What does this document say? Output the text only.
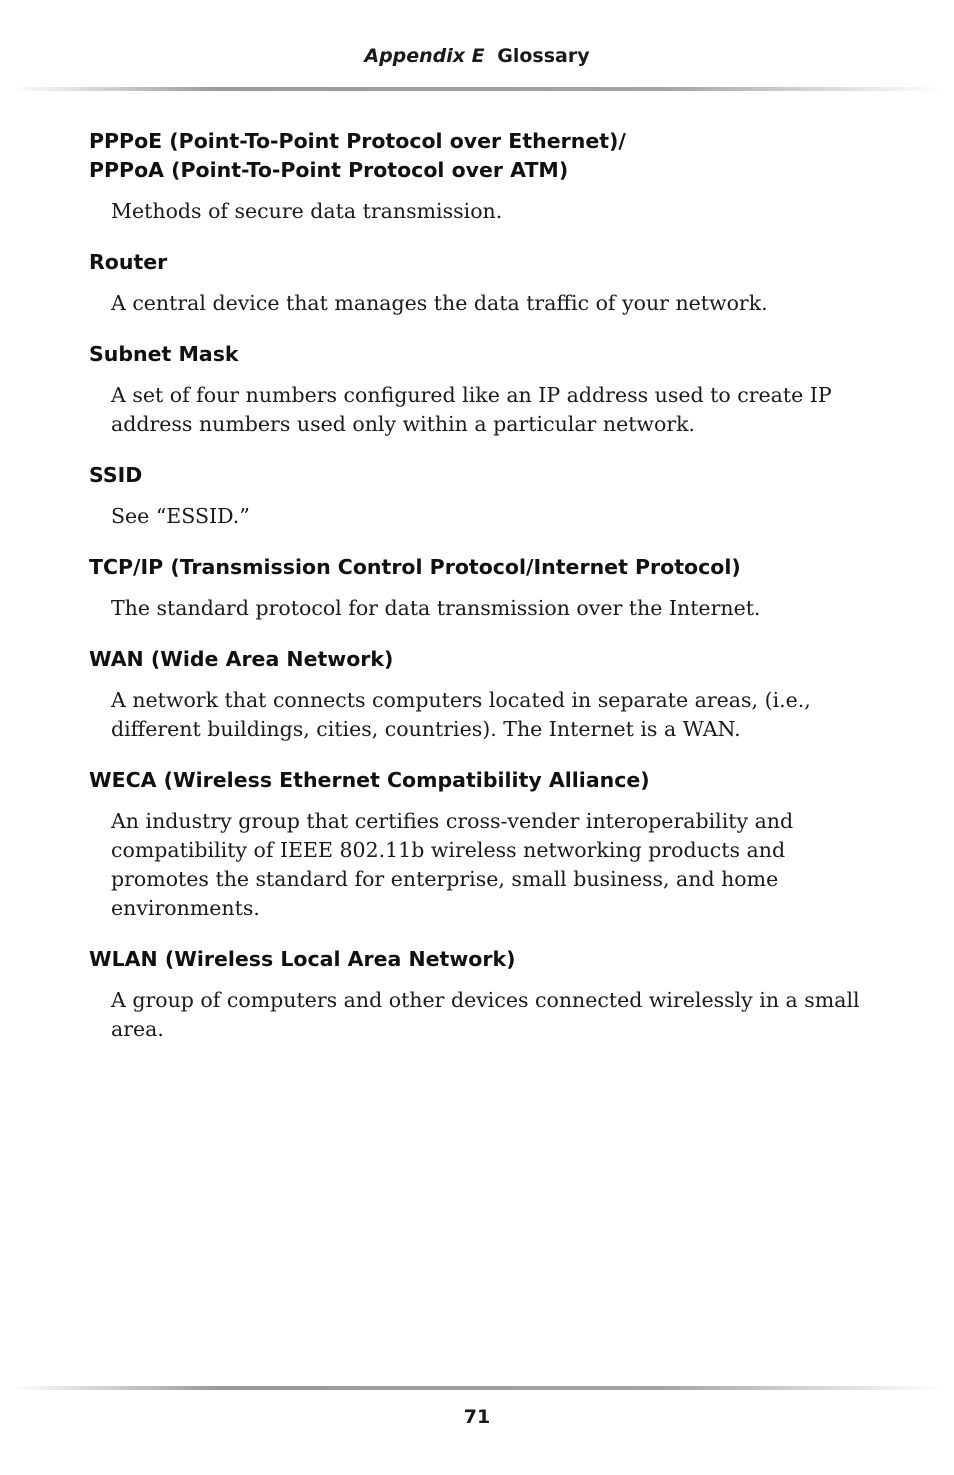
Appendix E Glossary

PPPoE (Point-To-Point Protocol over Ethernet)/
PPPoA (Point-To-Point Protocol over ATM)

Methods of secure data transmission.

Router

A central device that manages the data traffic of your network.

Subnet Mask

A set of four numbers configured like an IP address used to create IP address numbers used only within a particular network.

SSID

See “ESSID.”

TCP/IP (Transmission Control Protocol/Internet Protocol)

The standard protocol for data transmission over the Internet.

WAN (Wide Area Network)

A network that connects computers located in separate areas, (i.e., different buildings, cities, countries). The Internet is a WAN.

WECA (Wireless Ethernet Compatibility Alliance)

An industry group that certifies cross-vender interoperability and compatibility of IEEE 802.11b wireless networking products and promotes the standard for enterprise, small business, and home environments.

WLAN (Wireless Local Area Network)

A group of computers and other devices connected wirelessly in a small area.

71
